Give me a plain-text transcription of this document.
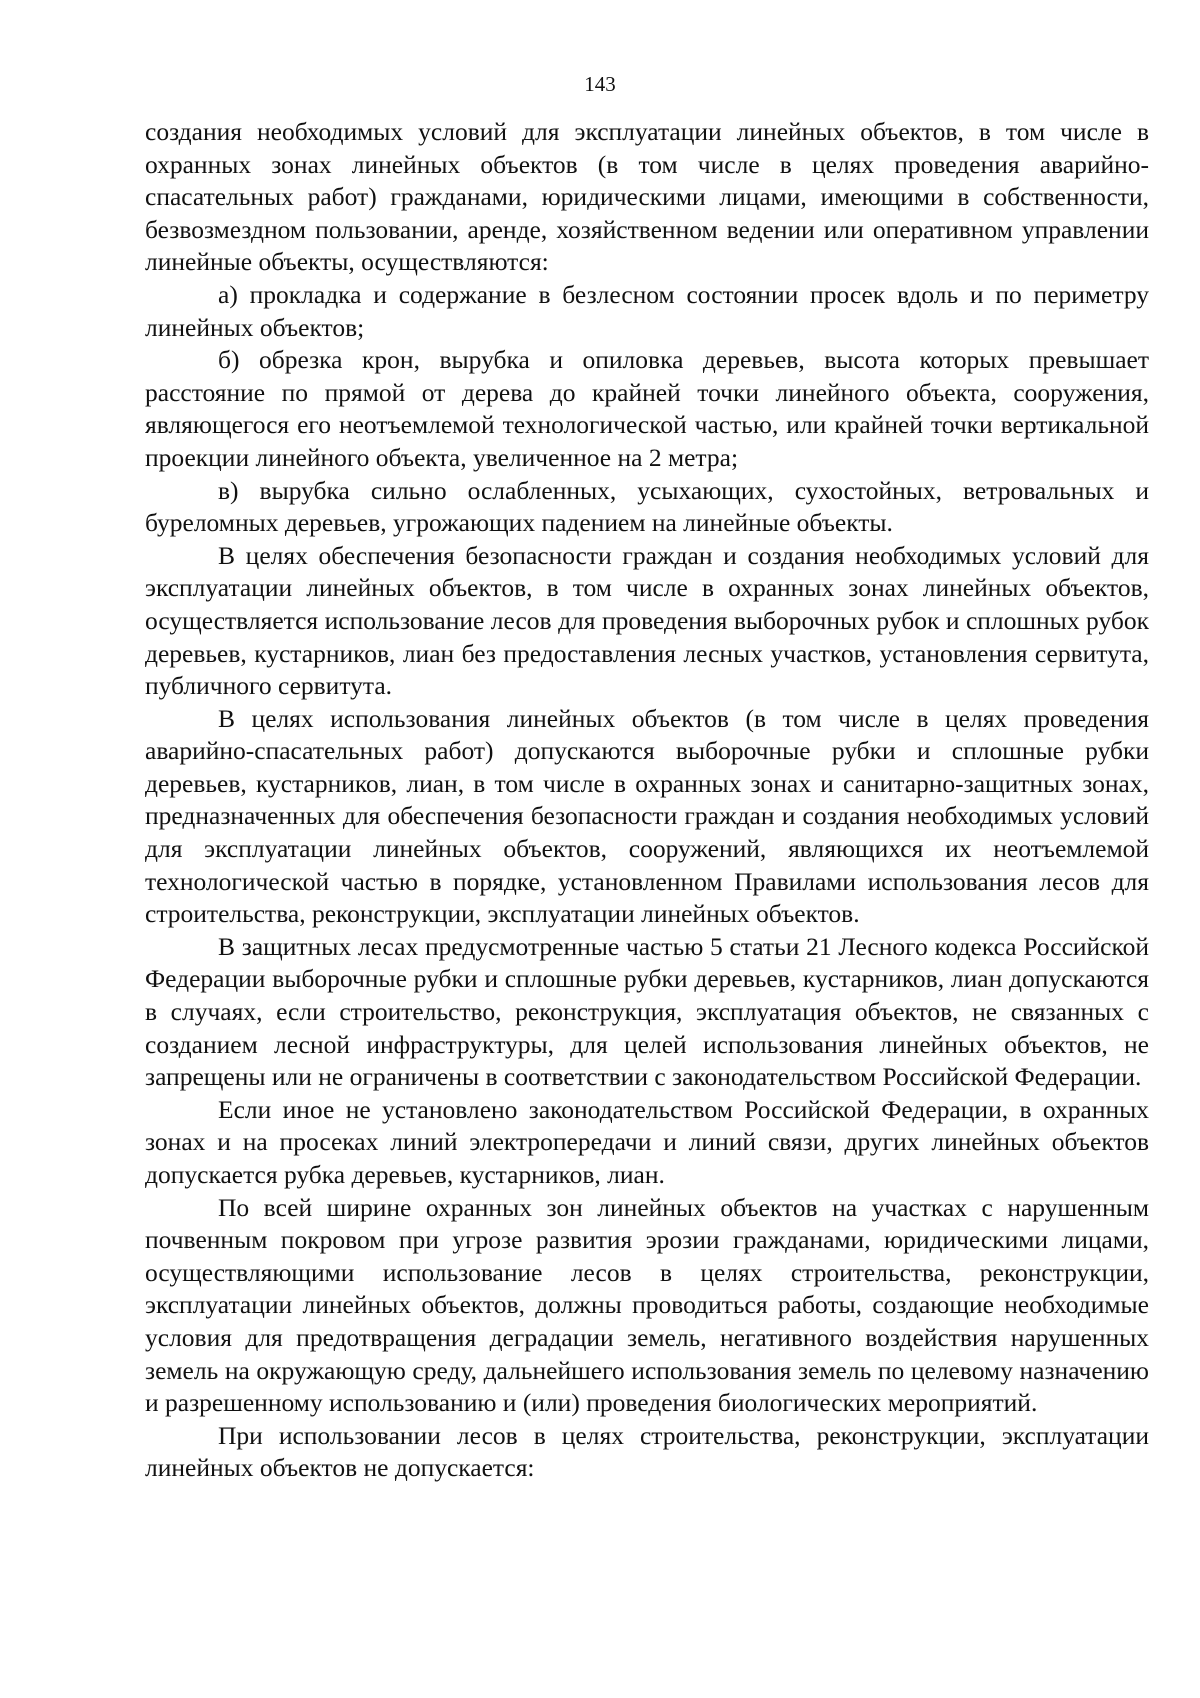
143

создания необходимых условий для эксплуатации линейных объектов, в том числе в охранных зонах линейных объектов (в том числе в целях проведения аварийно-спасательных работ) гражданами, юридическими лицами, имеющими в собственности, безвозмездном пользовании, аренде, хозяйственном ведении или оперативном управлении линейные объекты, осуществляются:

а) прокладка и содержание в безлесном состоянии просек вдоль и по периметру линейных объектов;

б) обрезка крон, вырубка и опиловка деревьев, высота которых превышает расстояние по прямой от дерева до крайней точки линейного объекта, сооружения, являющегося его неотъемлемой технологической частью, или крайней точки вертикальной проекции линейного объекта, увеличенное на 2 метра;

в) вырубка сильно ослабленных, усыхающих, сухостойных, ветровальных и буреломных деревьев, угрожающих падением на линейные объекты.

В целях обеспечения безопасности граждан и создания необходимых условий для эксплуатации линейных объектов, в том числе в охранных зонах линейных объектов, осуществляется использование лесов для проведения выборочных рубок и сплошных рубок деревьев, кустарников, лиан без предоставления лесных участков, установления сервитута, публичного сервитута.

В целях использования линейных объектов (в том числе в целях проведения аварийно-спасательных работ) допускаются выборочные рубки и сплошные рубки деревьев, кустарников, лиан, в том числе в охранных зонах и санитарно-защитных зонах, предназначенных для обеспечения безопасности граждан и создания необходимых условий для эксплуатации линейных объектов, сооружений, являющихся их неотъемлемой технологической частью в порядке, установленном Правилами использования лесов для строительства, реконструкции, эксплуатации линейных объектов.

В защитных лесах предусмотренные частью 5 статьи 21 Лесного кодекса Российской Федерации выборочные рубки и сплошные рубки деревьев, кустарников, лиан допускаются в случаях, если строительство, реконструкция, эксплуатация объектов, не связанных с созданием лесной инфраструктуры, для целей использования линейных объектов, не запрещены или не ограничены в соответствии с законодательством Российской Федерации.

Если иное не установлено законодательством Российской Федерации, в охранных зонах и на просеках линий электропередачи и линий связи, других линейных объектов допускается рубка деревьев, кустарников, лиан.

По всей ширине охранных зон линейных объектов на участках с нарушенным почвенным покровом при угрозе развития эрозии гражданами, юридическими лицами, осуществляющими использование лесов в целях строительства, реконструкции, эксплуатации линейных объектов, должны проводиться работы, создающие необходимые условия для предотвращения деградации земель, негативного воздействия нарушенных земель на окружающую среду, дальнейшего использования земель по целевому назначению и разрешенному использованию и (или) проведения биологических мероприятий.

При использовании лесов в целях строительства, реконструкции, эксплуатации линейных объектов не допускается:
